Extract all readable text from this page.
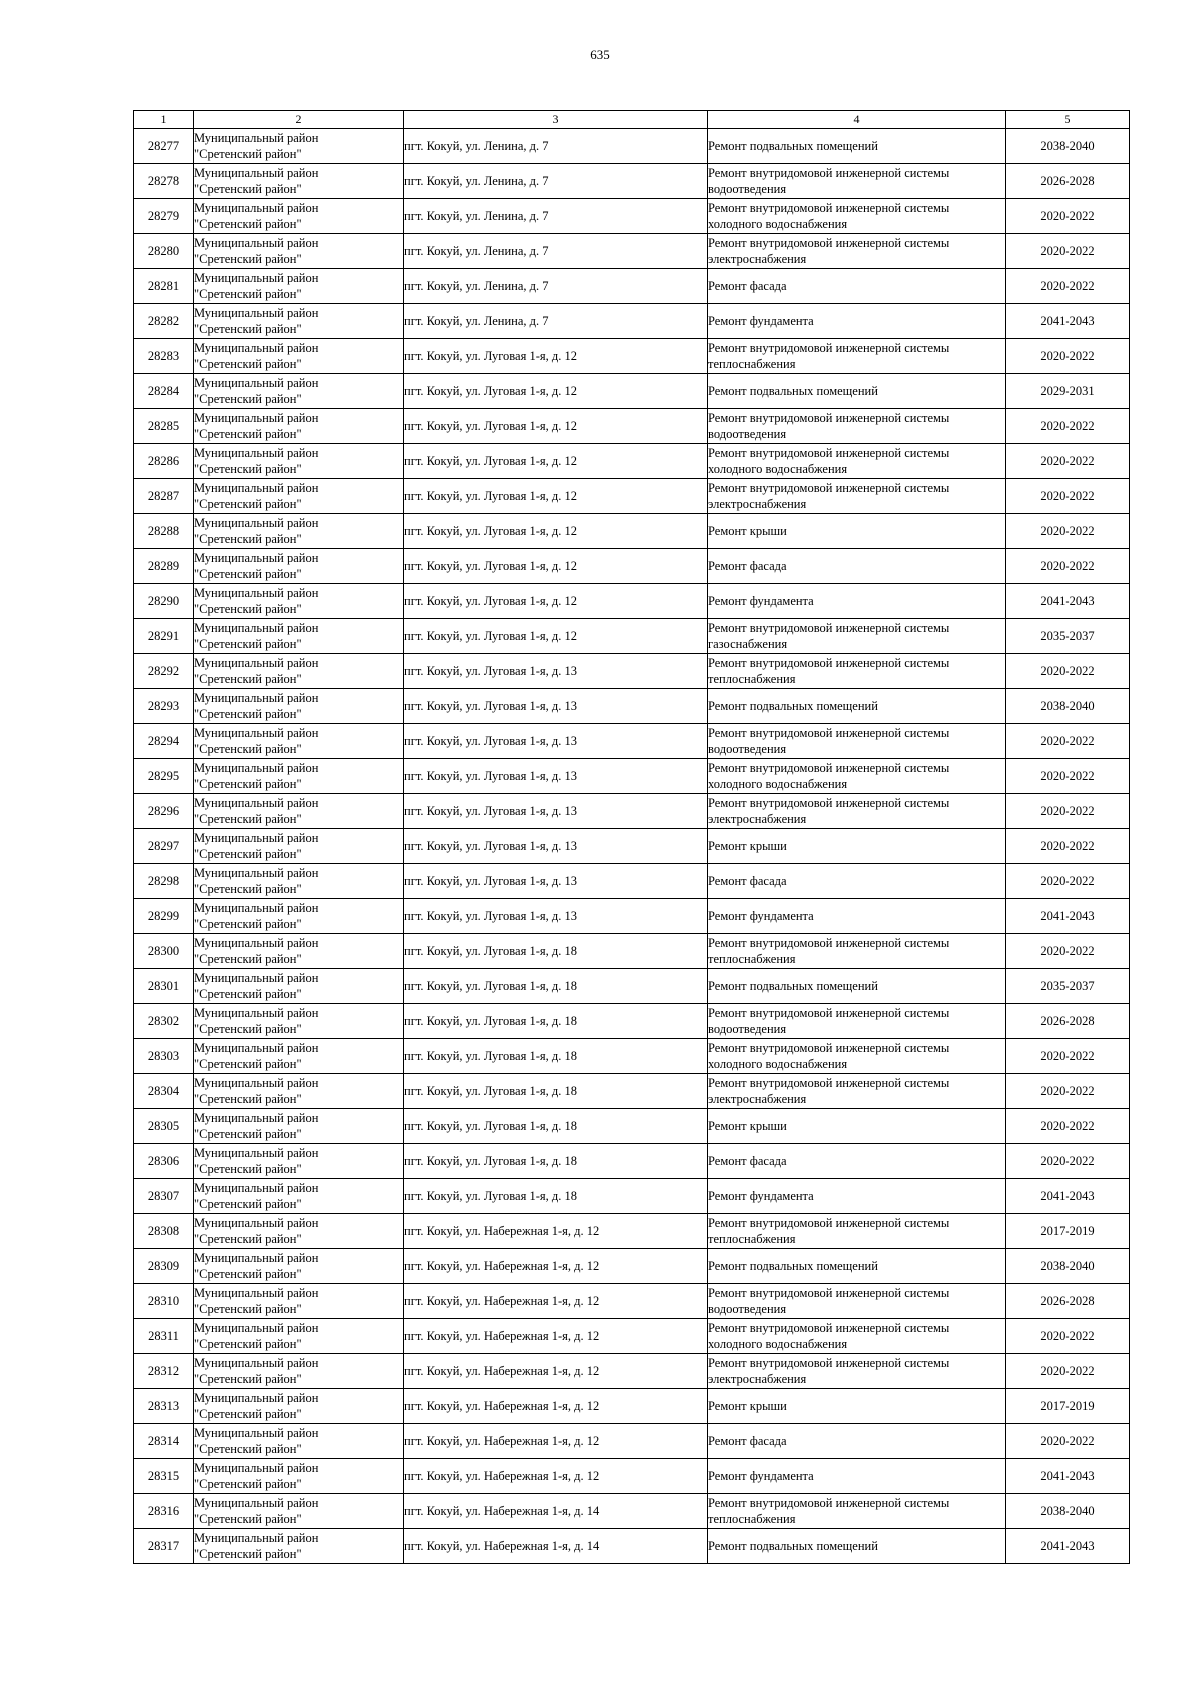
635
1	2	3	4	5
28277	Муниципальный район
"Сретенский район"	пгт. Кокуй, ул. Ленина, д. 7	Ремонт подвальных помещений	2038-2040
28278	Муниципальный район
"Сретенский район"	пгт. Кокуй, ул. Ленина, д. 7	Ремонт внутридомовой инженерной системы водоотведения	2026-2028
28279	Муниципальный район
"Сретенский район"	пгт. Кокуй, ул. Ленина, д. 7	Ремонт внутридомовой инженерной системы холодного водоснабжения	2020-2022
28280	Муниципальный район
"Сретенский район"	пгт. Кокуй, ул. Ленина, д. 7	Ремонт внутридомовой инженерной системы электроснабжения	2020-2022
28281	Муниципальный район
"Сретенский район"	пгт. Кокуй, ул. Ленина, д. 7	Ремонт фасада	2020-2022
28282	Муниципальный район
"Сретенский район"	пгт. Кокуй, ул. Ленина, д. 7	Ремонт фундамента	2041-2043
28283	Муниципальный район
"Сретенский район"	пгт. Кокуй, ул. Луговая 1-я, д. 12	Ремонт внутридомовой инженерной системы теплоснабжения	2020-2022
28284	Муниципальный район
"Сретенский район"	пгт. Кокуй, ул. Луговая 1-я, д. 12	Ремонт подвальных помещений	2029-2031
28285	Муниципальный район
"Сретенский район"	пгт. Кокуй, ул. Луговая 1-я, д. 12	Ремонт внутридомовой инженерной системы водоотведения	2020-2022
28286	Муниципальный район
"Сретенский район"	пгт. Кокуй, ул. Луговая 1-я, д. 12	Ремонт внутридомовой инженерной системы холодного водоснабжения	2020-2022
28287	Муниципальный район
"Сретенский район"	пгт. Кокуй, ул. Луговая 1-я, д. 12	Ремонт внутридомовой инженерной системы электроснабжения	2020-2022
28288	Муниципальный район
"Сретенский район"	пгт. Кокуй, ул. Луговая 1-я, д. 12	Ремонт крыши	2020-2022
28289	Муниципальный район
"Сретенский район"	пгт. Кокуй, ул. Луговая 1-я, д. 12	Ремонт фасада	2020-2022
28290	Муниципальный район
"Сретенский район"	пгт. Кокуй, ул. Луговая 1-я, д. 12	Ремонт фундамента	2041-2043
28291	Муниципальный район
"Сретенский район"	пгт. Кокуй, ул. Луговая 1-я, д. 12	Ремонт внутридомовой инженерной системы газоснабжения	2035-2037
28292	Муниципальный район
"Сретенский район"	пгт. Кокуй, ул. Луговая 1-я, д. 13	Ремонт внутридомовой инженерной системы теплоснабжения	2020-2022
28293	Муниципальный район
"Сретенский район"	пгт. Кокуй, ул. Луговая 1-я, д. 13	Ремонт подвальных помещений	2038-2040
28294	Муниципальный район
"Сретенский район"	пгт. Кокуй, ул. Луговая 1-я, д. 13	Ремонт внутридомовой инженерной системы водоотведения	2020-2022
28295	Муниципальный район
"Сретенский район"	пгт. Кокуй, ул. Луговая 1-я, д. 13	Ремонт внутридомовой инженерной системы холодного водоснабжения	2020-2022
28296	Муниципальный район
"Сретенский район"	пгт. Кокуй, ул. Луговая 1-я, д. 13	Ремонт внутридомовой инженерной системы электроснабжения	2020-2022
28297	Муниципальный район
"Сретенский район"	пгт. Кокуй, ул. Луговая 1-я, д. 13	Ремонт крыши	2020-2022
28298	Муниципальный район
"Сретенский район"	пгт. Кокуй, ул. Луговая 1-я, д. 13	Ремонт фасада	2020-2022
28299	Муниципальный район
"Сретенский район"	пгт. Кокуй, ул. Луговая 1-я, д. 13	Ремонт фундамента	2041-2043
28300	Муниципальный район
"Сретенский район"	пгт. Кокуй, ул. Луговая 1-я, д. 18	Ремонт внутридомовой инженерной системы теплоснабжения	2020-2022
28301	Муниципальный район
"Сретенский район"	пгт. Кокуй, ул. Луговая 1-я, д. 18	Ремонт подвальных помещений	2035-2037
28302	Муниципальный район
"Сретенский район"	пгт. Кокуй, ул. Луговая 1-я, д. 18	Ремонт внутридомовой инженерной системы водоотведения	2026-2028
28303	Муниципальный район
"Сретенский район"	пгт. Кокуй, ул. Луговая 1-я, д. 18	Ремонт внутридомовой инженерной системы холодного водоснабжения	2020-2022
28304	Муниципальный район
"Сретенский район"	пгт. Кокуй, ул. Луговая 1-я, д. 18	Ремонт внутридомовой инженерной системы электроснабжения	2020-2022
28305	Муниципальный район
"Сретенский район"	пгт. Кокуй, ул. Луговая 1-я, д. 18	Ремонт крыши	2020-2022
28306	Муниципальный район
"Сретенский район"	пгт. Кокуй, ул. Луговая 1-я, д. 18	Ремонт фасада	2020-2022
28307	Муниципальный район
"Сретенский район"	пгт. Кокуй, ул. Луговая 1-я, д. 18	Ремонт фундамента	2041-2043
28308	Муниципальный район
"Сретенский район"	пгт. Кокуй, ул. Набережная 1-я, д. 12	Ремонт внутридомовой инженерной системы теплоснабжения	2017-2019
28309	Муниципальный район
"Сретенский район"	пгт. Кокуй, ул. Набережная 1-я, д. 12	Ремонт подвальных помещений	2038-2040
28310	Муниципальный район
"Сретенский район"	пгт. Кокуй, ул. Набережная 1-я, д. 12	Ремонт внутридомовой инженерной системы водоотведения	2026-2028
28311	Муниципальный район
"Сретенский район"	пгт. Кокуй, ул. Набережная 1-я, д. 12	Ремонт внутридомовой инженерной системы холодного водоснабжения	2020-2022
28312	Муниципальный район
"Сретенский район"	пгт. Кокуй, ул. Набережная 1-я, д. 12	Ремонт внутридомовой инженерной системы электроснабжения	2020-2022
28313	Муниципальный район
"Сретенский район"	пгт. Кокуй, ул. Набережная 1-я, д. 12	Ремонт крыши	2017-2019
28314	Муниципальный район
"Сретенский район"	пгт. Кокуй, ул. Набережная 1-я, д. 12	Ремонт фасада	2020-2022
28315	Муниципальный район
"Сретенский район"	пгт. Кокуй, ул. Набережная 1-я, д. 12	Ремонт фундамента	2041-2043
28316	Муниципальный район
"Сретенский район"	пгт. Кокуй, ул. Набережная 1-я, д. 14	Ремонт внутридомовой инженерной системы теплоснабжения	2038-2040
28317	Муниципальный район
"Сретенский район"	пгт. Кокуй, ул. Набережная 1-я, д. 14	Ремонт подвальных помещений	2041-2043
